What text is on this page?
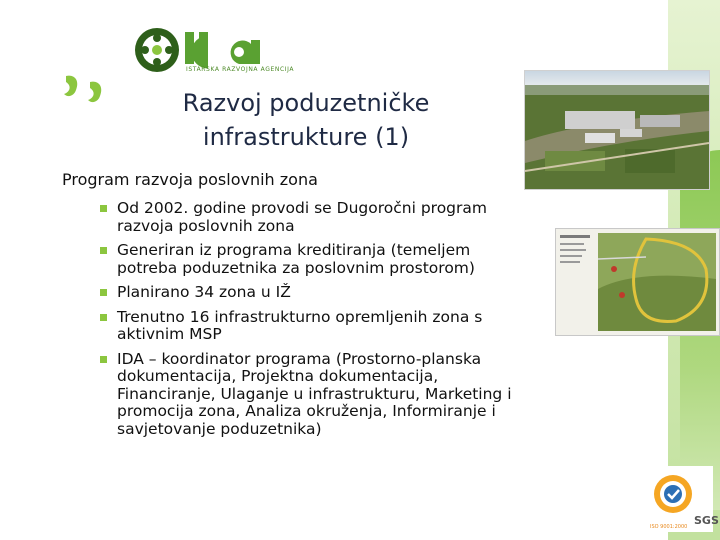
ISTARSKA RAZVOJNA AGENCIJA
Razvoj poduzetničke
infrastrukture (1)
Program razvoja poslovnih zona
Od 2002. godine provodi se Dugoročni program
razvoja poslovnih zona
Generiran iz programa kreditiranja (temeljem
potreba poduzetnika za poslovnim prostorom)
Planirano 34 zona u IŽ
Trenutno 16 infrastrukturno opremljenih zona s
aktivnim MSP
IDA – koordinator programa (Prostorno-planska
dokumentacija, Projektna dokumentacija,
Financiranje, Ulaganje u infrastrukturu, Marketing i
promocija zona, Analiza okruženja, Informiranje i
savjetovanje poduzetnika)
SGS
ISO 9001:2000
